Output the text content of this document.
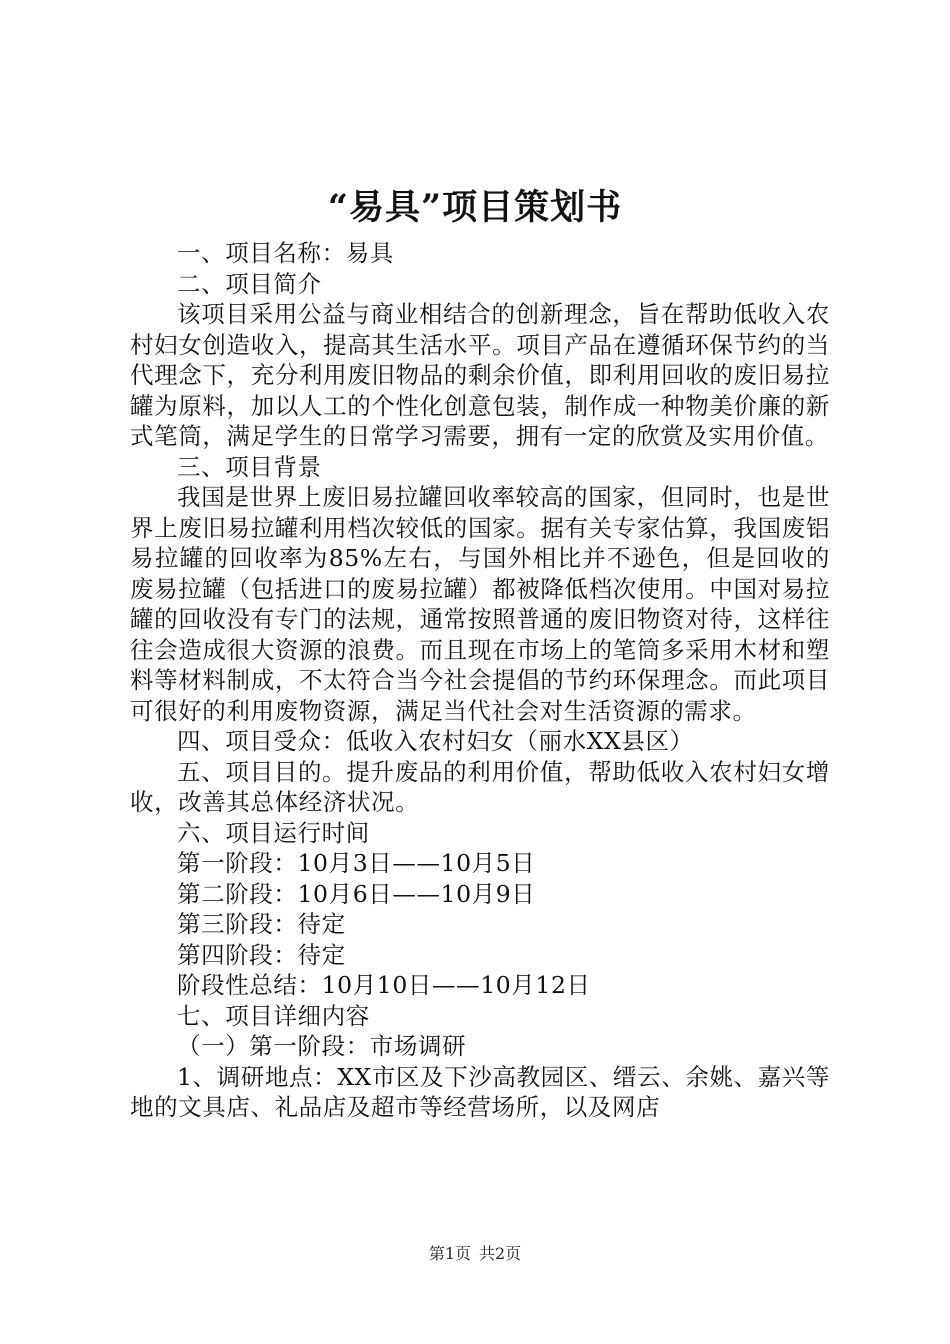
“易具”项目策划书
一、项目名称：易具
二、项目简介
该项目采用公益与商业相结合的创新理念，旨在帮助低收入农村妇女创造收入，提高其生活水平。项目产品在遵循环保节约的当代理念下，充分利用废旧物品的剩余价值，即利用回收的废旧易拉罐为原料，加以人工的个性化创意包装，制作成一种物美价廉的新式笔筒，满足学生的日常学习需要，拥有一定的欣赏及实用价值。
三、项目背景
我国是世界上废旧易拉罐回收率较高的国家，但同时，也是世界上废旧易拉罐利用档次较低的国家。据有关专家估算，我国废铝易拉罐的回收率为85%左右，与国外相比并不逊色，但是回收的废易拉罐（包括进口的废易拉罐）都被降低档次使用。中国对易拉罐的回收没有专门的法规，通常按照普通的废旧物资对待，这样往往会造成很大资源的浪费。而且现在市场上的笔筒多采用木材和塑料等材料制成，不太符合当今社会提倡的节约环保理念。而此项目可很好的利用废物资源，满足当代社会对生活资源的需求。
四、项目受众：低收入农村妇女（丽水XX县区）
五、项目目的。提升废品的利用价值，帮助低收入农村妇女增收，改善其总体经济状况。
六、项目运行时间
第一阶段：10月3日——10月5日
第二阶段：10月6日——10月9日
第三阶段：待定
第四阶段：待定
阶段性总结：10月10日——10月12日
七、项目详细内容
（一）第一阶段：市场调研
1、调研地点：XX市区及下沙高教园区、缙云、余姚、嘉兴等地的文具店、礼品店及超市等经营场所，以及网店
第1页 共2页
